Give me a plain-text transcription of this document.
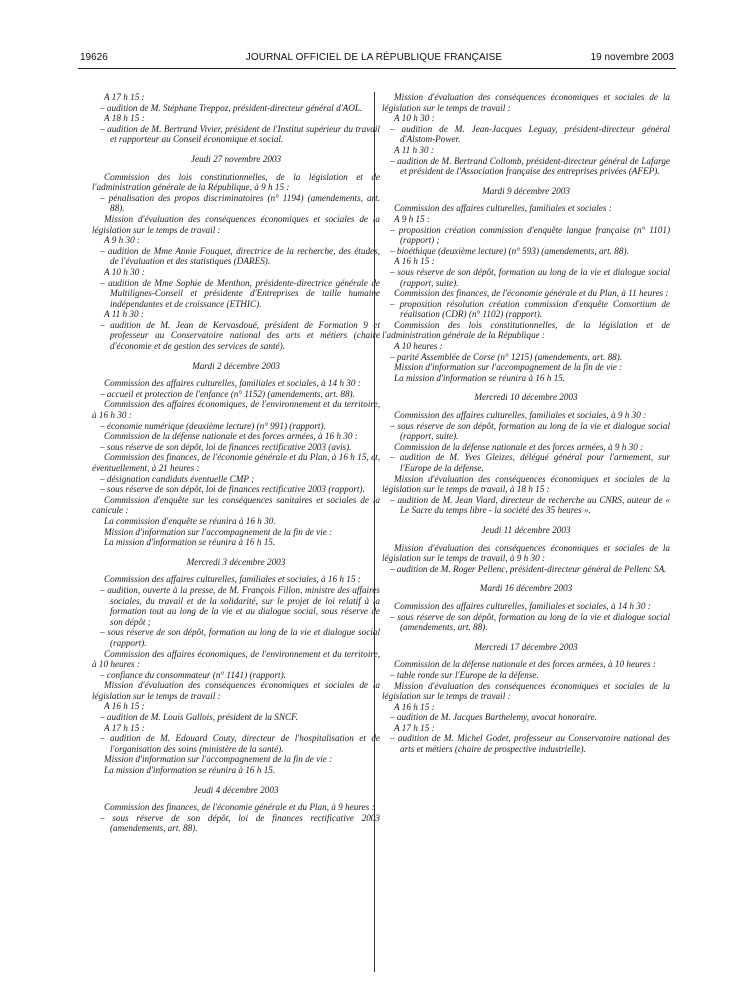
19626	JOURNAL OFFICIEL DE LA RÉPUBLIQUE FRANÇAISE	19 novembre 2003
A 17 h 15 :
– audition de M. Stéphane Treppoz, président-directeur général d'AOL.
A 18 h 15 :
– audition de M. Bertrand Vivier, président de l'Institut supérieur du travail et rapporteur au Conseil économique et social.
Jeudi 27 novembre 2003
Commission des lois constitutionnelles, de la législation et de l'administration générale de la République, à 9 h 15 :
– pénalisation des propos discriminatoires (n° 1194) (amendements, art. 88).
Mission d'évaluation des conséquences économiques et sociales de la législation sur le temps de travail :
A 9 h 30 :
– audition de Mme Annie Fouquet, directrice de la recherche, des études, de l'évaluation et des statistiques (DARES).
A 10 h 30 :
– audition de Mme Sophie de Menthon, présidente-directrice générale de Multilignes-Conseil et présidente d'Entreprises de taille humaine indépendantes et de croissance (ETHIC).
A 11 h 30 :
– audition de M. Jean de Kervasdoué, président de Formation 9 et professeur au Conservatoire national des arts et métiers (chaire d'économie et de gestion des services de santé).
Mardi 2 décembre 2003
Commission des affaires culturelles, familiales et sociales, à 14 h 30 :
– accueil et protection de l'enfance (n° 1152) (amendements, art. 88).
Commission des affaires économiques, de l'environnement et du territoire, à 16 h 30 :
– économie numérique (deuxième lecture) (n° 991) (rapport).
Commission de la défense nationale et des forces armées, à 16 h 30 :
– sous réserve de son dépôt, loi de finances rectificative 2003 (avis).
Commission des finances, de l'économie générale et du Plan, à 16 h 15, et, éventuellement, à 21 heures :
– désignation candidats éventuelle CMP ;
– sous réserve de son dépôt, loi de finances rectificative 2003 (rapport).
Commission d'enquête sur les conséquences sanitaires et sociales de la canicule :
La commission d'enquête se réunira à 16 h 30.
Mission d'information sur l'accompagnement de la fin de vie :
La mission d'information se réunira à 16 h 15.
Mercredi 3 décembre 2003
Commission des affaires culturelles, familiales et sociales, à 16 h 15 :
– audition, ouverte à la presse, de M. François Fillon, ministre des affaires sociales, du travail et de la solidarité, sur le projet de loi relatif à la formation tout au long de la vie et au dialogue social, sous réserve de son dépôt ;
– sous réserve de son dépôt, formation au long de la vie et dialogue social (rapport).
Commission des affaires économiques, de l'environnement et du territoire, à 10 heures :
– confiance du consommateur (n° 1141) (rapport).
Mission d'évaluation des conséquences économiques et sociales de la législation sur le temps de travail :
A 16 h 15 :
– audition de M. Louis Gallois, président de la SNCF.
A 17 h 15 :
– audition de M. Edouard Couty, directeur de l'hospitalisation et de l'organisation des soins (ministère de la santé).
Mission d'information sur l'accompagnement de la fin de vie :
La mission d'information se réunira à 16 h 15.
Jeudi 4 décembre 2003
Commission des finances, de l'économie générale et du Plan, à 9 heures :
– sous réserve de son dépôt, loi de finances rectificative 2003 (amendements, art. 88).
Mission d'évaluation des conséquences économiques et sociales de la législation sur le temps de travail :
A 10 h 30 :
– audition de M. Jean-Jacques Leguay, président-directeur général d'Alstom-Power.
A 11 h 30 :
– audition de M. Bertrand Collomb, président-directeur général de Lafarge et président de l'Association française des entreprises privées (AFEP).
Mardi 9 décembre 2003
Commission des affaires culturelles, familiales et sociales :
A 9 h 15 :
– proposition création commission d'enquête langue française (n° 1101) (rapport) ;
– bioéthique (deuxième lecture) (n° 593) (amendements, art. 88).
A 16 h 15 :
– sous réserve de son dépôt, formation au long de la vie et dialogue social (rapport, suite).
Commission des finances, de l'économie générale et du Plan, à 11 heures :
– proposition résolution création commission d'enquête Consortium de réalisation (CDR) (n° 1102) (rapport).
Commission des lois constitutionnelles, de la législation et de l'administration générale de la République :
A 10 heures :
– parité Assemblée de Corse (n° 1215) (amendements, art. 88).
Mission d'information sur l'accompagnement de la fin de vie :
La mission d'information se réunira à 16 h 15.
Mercredi 10 décembre 2003
Commission des affaires culturelles, familiales et sociales, à 9 h 30 :
– sous réserve de son dépôt, formation au long de la vie et dialogue social (rapport, suite).
Commission de la défense nationale et des forces armées, à 9 h 30 :
– audition de M. Yves Gleizes, délégué général pour l'armement, sur l'Europe de la défense.
Mission d'évaluation des conséquences économiques et sociales de la législation sur le temps de travail, à 18 h 15 :
– audition de M. Jean Viard, directeur de recherche au CNRS, auteur de « Le Sacre du temps libre - la société des 35 heures ».
Jeudi 11 décembre 2003
Mission d'évaluation des conséquences économiques et sociales de la législation sur le temps de travail, à 9 h 30 :
– audition de M. Roger Pellenc, président-directeur général de Pellenc SA.
Mardi 16 décembre 2003
Commission des affaires culturelles, familiales et sociales, à 14 h 30 :
– sous réserve de son dépôt, formation au long de la vie et dialogue social (amendements, art. 88).
Mercredi 17 décembre 2003
Commission de la défense nationale et des forces armées, à 10 heures :
– table ronde sur l'Europe de la défense.
Mission d'évaluation des conséquences économiques et sociales de la législation sur le temps de travail :
A 16 h 15 :
– audition de M. Jacques Barthelemy, avocat honoraire.
A 17 h 15 :
– audition de M. Michel Godet, professeur au Conservatoire national des arts et métiers (chaire de prospective industrielle).
